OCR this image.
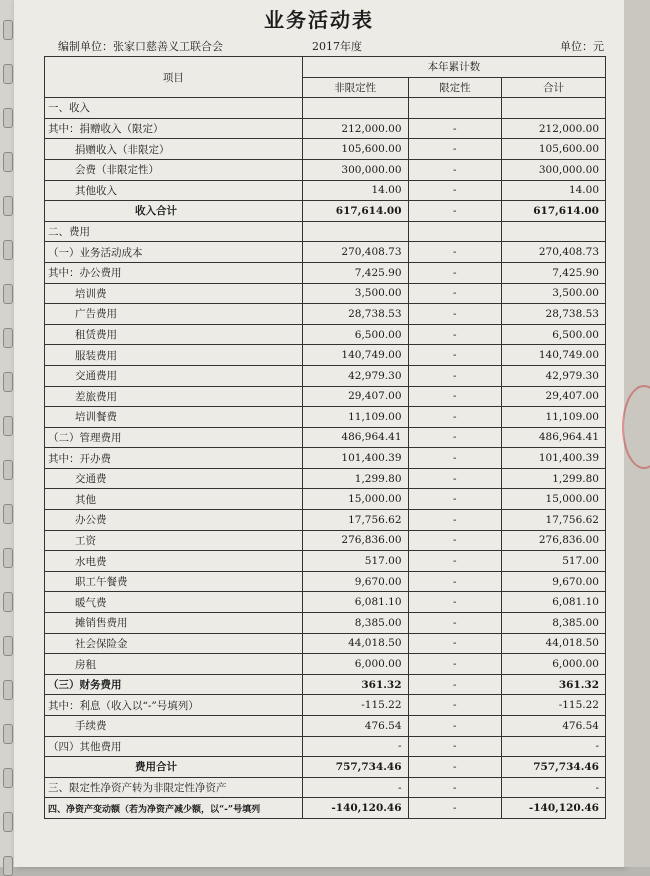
业务活动表
编制单位：张家口慈善义工联合会	2017年度	单位：元
项目	本年累计数		
	非限定性	限定性	合计
一、收入			
其中：捐赠收入（限定）	212,000.00	-	212,000.00
捐赠收入（非限定）	105,600.00	-	105,600.00
会费（非限定性）	300,000.00	-	300,000.00
其他收入	14.00	-	14.00
收入合计	617,614.00	-	617,614.00
二、费用			
（一）业务活动成本	270,408.73	-	270,408.73
其中：办公费用	7,425.90	-	7,425.90
培训费	3,500.00	-	3,500.00
广告费用	28,738.53	-	28,738.53
租赁费用	6,500.00	-	6,500.00
服装费用	140,749.00	-	140,749.00
交通费用	42,979.30	-	42,979.30
差旅费用	29,407.00	-	29,407.00
培训餐费	11,109.00	-	11,109.00
（二）管理费用	486,964.41	-	486,964.41
其中：开办费	101,400.39	-	101,400.39
交通费	1,299.80	-	1,299.80
其他	15,000.00	-	15,000.00
办公费	17,756.62	-	17,756.62
工资	276,836.00	-	276,836.00
水电费	517.00	-	517.00
职工午餐费	9,670.00	-	9,670.00
暖气费	6,081.10	-	6,081.10
摊销售费用	8,385.00	-	8,385.00
社会保险金	44,018.50	-	44,018.50
房租	6,000.00	-	6,000.00
（三）财务费用	361.32	-	361.32
其中：利息（收入以“-”号填列）	-115.22	-	-115.22
手续费	476.54	-	476.54
（四）其他费用	-	-	-
费用合计	757,734.46	-	757,734.46
三、限定性净资产转为非限定性净资产	-	-	-
四、净资产变动额（若为净资产减少额，以“-”号填列	-140,120.46	-	-140,120.46
